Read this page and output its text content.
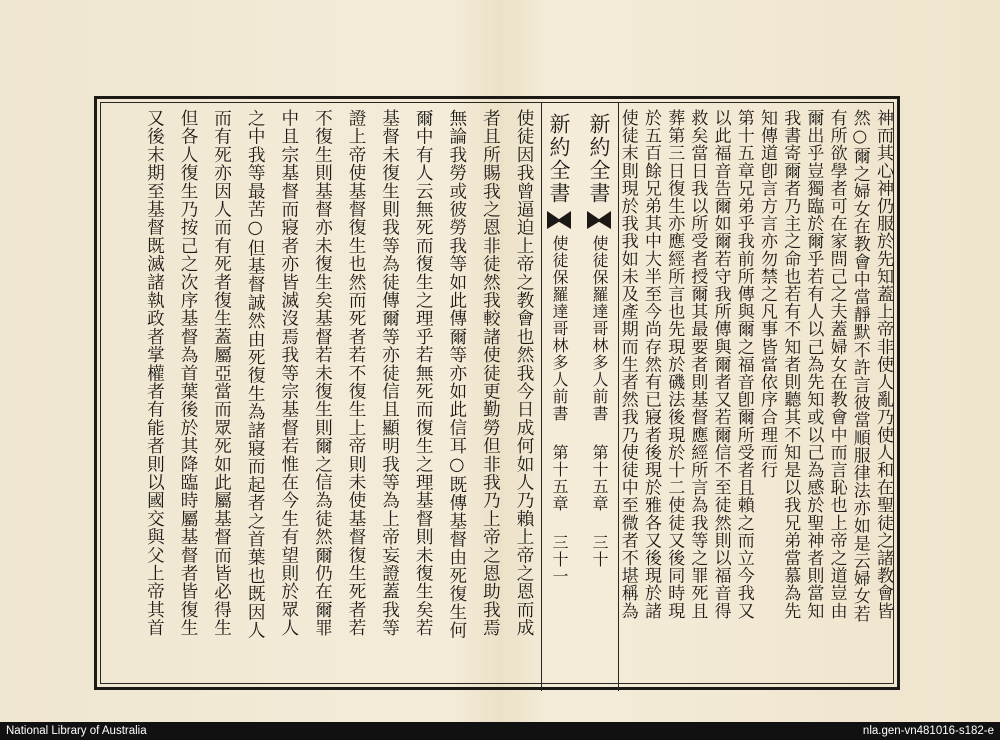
使徒因我曾逼迫上帝之教會也然我今日成何如人乃賴上帝之恩而成
者且所賜我之恩非徒然我較諸使徒更勤勞但非我乃上帝之恩助我焉
無論我勞或彼勞我等如此傳爾等亦如此信耳○既傳基督由死復生何
爾中有人云無死而復生之理乎若無死而復生之理基督則未復生矣若
基督未復生則我等為徒傳爾等亦徒信且顯明我等為上帝妄證蓋我等
證上帝使基督復生也然而死者若不復生上帝則未使基督復生死者若
不復生則基督亦未復生矣基督若未復生則爾之信為徒然爾仍在爾罪
中且宗基督而寢者亦皆滅沒焉我等宗基督若惟在今生有望則於眾人
之中我等最苦○但基督誠然由死復生為諸寢而起者之首葉也既因人
而有死亦因人而有死者復生蓋屬亞當而眾死如此屬基督而皆必得生
但各人復生乃按己之次序基督為首葉後於其降臨時屬基督者皆復生
又後末期至基督既滅諸執政者掌權者有能者則以國交與父上帝其首	新約全書使徒保羅達哥林多人前書第十五章三十一
新約全書使徒保羅達哥林多人前書第十五章三十	神而其心神仍服於先知蓋上帝非使人亂乃使人和在聖徒之諸教會皆
然○爾之婦女在教會中當靜默不許言彼當順服律法亦如是云婦女若
有所欲學者可在家問己之夫蓋婦女在教會中而言恥也上帝之道豈由
爾出乎豈獨臨於爾乎若有人以己為先知或以己為感於聖神者則當知
我書寄爾者乃主之命也若有不知者則聽其不知是以我兄弟當慕為先
知傳道卽言方言亦勿禁之凡事皆當依序合理而行
第十五章兄弟乎我前所傳與爾之福音卽爾所受者且賴之而立今我又
以此福音告爾如爾若守我所傳與爾者又若爾信不至徒然則以福音得
救矣當日我以所受者授爾其最要者則基督應經所言為我等之罪死且
葬第三日復生亦應經所言也先現於磯法後現於十二使徒又後同時現
於五百餘兄弟其中大半至今尚存然有已寢者後現於雅各又後現於諸
使徒末則現於我我如未及產期而生者然我乃使徒中至微者不堪稱為
National Library of Australia	nla.gen-vn481016-s182-e
